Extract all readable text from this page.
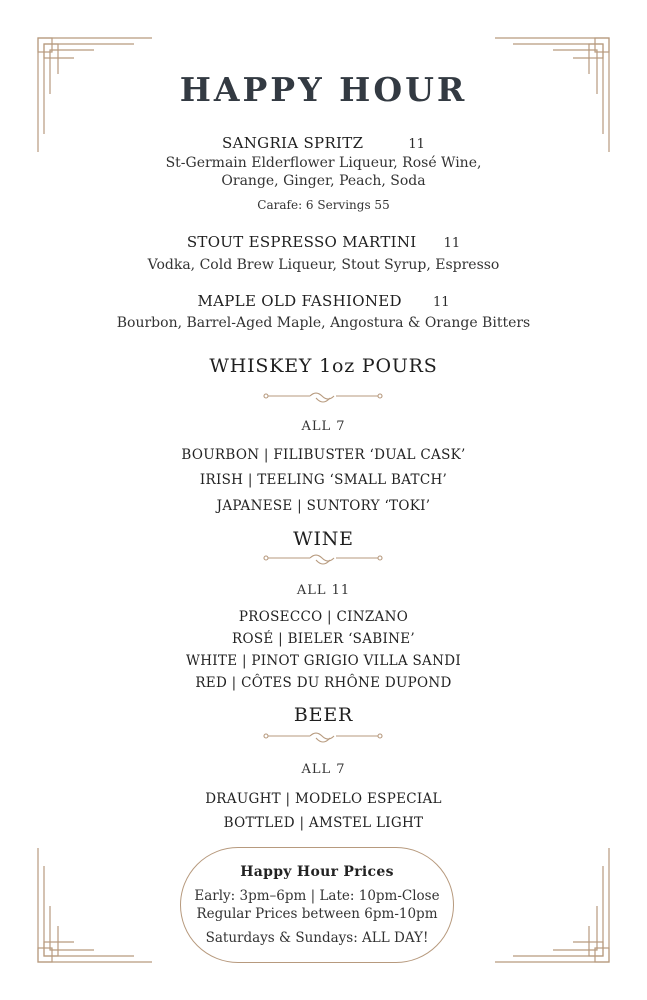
HAPPY HOUR
SANGRIA SPRITZ	11
St-Germain Elderflower Liqueur, Rosé Wine,
Orange, Ginger, Peach, Soda
Carafe: 6 Servings 55
STOUT ESPRESSO MARTINI 11
Vodka, Cold Brew Liqueur, Stout Syrup, Espresso
MAPLE OLD FASHIONED 11
Bourbon, Barrel-Aged Maple, Angostura & Orange Bitters
WHISKEY 1oz POURS
ALL 7
BOURBON | FILIBUSTER ‘DUAL CASK’
IRISH | TEELING ‘SMALL BATCH’
JAPANESE | SUNTORY ‘TOKI’
WINE
ALL 11
PROSECCO | CINZANO
ROSÉ | BIELER ‘SABINE’
WHITE | PINOT GRIGIO VILLA SANDI
RED | CÔTES DU RHÔNE DUPOND
BEER
ALL 7
DRAUGHT | MODELO ESPECIAL
BOTTLED | AMSTEL LIGHT
Happy Hour Prices
Early: 3pm–6pm | Late: 10pm-Close
Regular Prices between 6pm-10pm
Saturdays & Sundays: ALL DAY!
